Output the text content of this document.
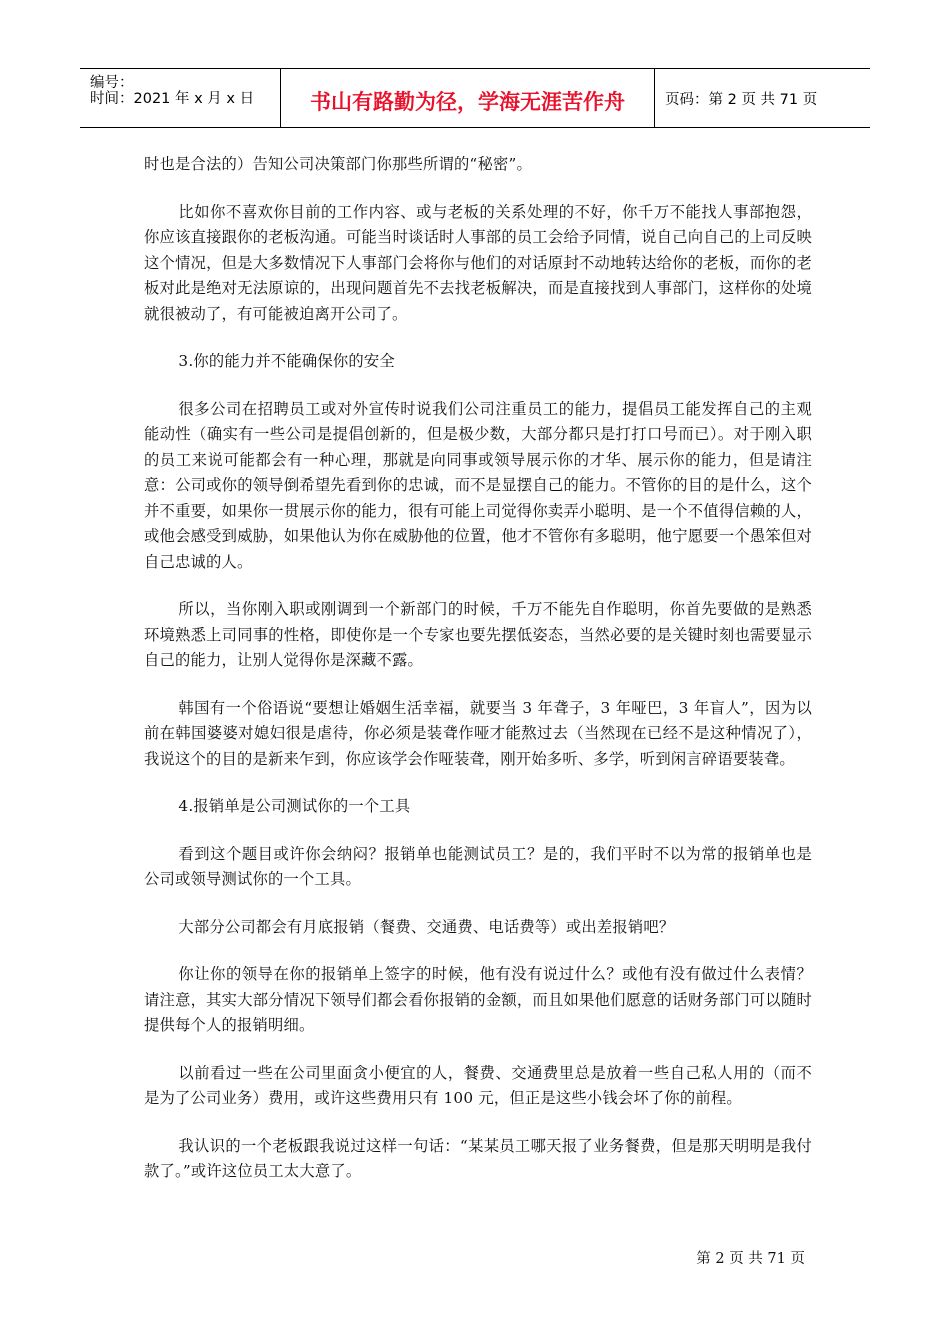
编号：
时间：2021 年 x 月 x 日	书山有路勤为径，学海无涯苦作舟	页码：第 2 页 共 71 页

时也是合法的）告知公司决策部门你那些所谓的“秘密”。

比如你不喜欢你目前的工作内容、或与老板的关系处理的不好，你千万不能找人事部抱怨，你应该直接跟你的老板沟通。可能当时谈话时人事部的员工会给予同情，说自己向自己的上司反映这个情况，但是大多数情况下人事部门会将你与他们的对话原封不动地转达给你的老板，而你的老板对此是绝对无法原谅的，出现问题首先不去找老板解决，而是直接找到人事部门，这样你的处境就很被动了，有可能被迫离开公司了。

3.你的能力并不能确保你的安全

很多公司在招聘员工或对外宣传时说我们公司注重员工的能力，提倡员工能发挥自己的主观能动性（确实有一些公司是提倡创新的，但是极少数，大部分都只是打打口号而已）。对于刚入职的员工来说可能都会有一种心理，那就是向同事或领导展示你的才华、展示你的能力，但是请注意：公司或你的领导倒希望先看到你的忠诚，而不是显摆自己的能力。不管你的目的是什么，这个并不重要，如果你一贯展示你的能力，很有可能上司觉得你卖弄小聪明、是一个不值得信赖的人，或他会感受到威胁，如果他认为你在威胁他的位置，他才不管你有多聪明，他宁愿要一个愚笨但对自己忠诚的人。

所以，当你刚入职或刚调到一个新部门的时候，千万不能先自作聪明，你首先要做的是熟悉环境熟悉上司同事的性格，即使你是一个专家也要先摆低姿态，当然必要的是关键时刻也需要显示自己的能力，让别人觉得你是深藏不露。

韩国有一个俗语说“要想让婚姻生活幸福，就要当 3 年聋子，3 年哑巴，3 年盲人”，因为以前在韩国婆婆对媳妇很是虐待，你必须是装聋作哑才能熬过去（当然现在已经不是这种情况了），我说这个的目的是新来乍到，你应该学会作哑装聋，刚开始多听、多学，听到闲言碎语要装聋。

4.报销单是公司测试你的一个工具

看到这个题目或许你会纳闷？报销单也能测试员工？是的，我们平时不以为常的报销单也是公司或领导测试你的一个工具。

大部分公司都会有月底报销（餐费、交通费、电话费等）或出差报销吧？

你让你的领导在你的报销单上签字的时候，他有没有说过什么？或他有没有做过什么表情？请注意，其实大部分情况下领导们都会看你报销的金额，而且如果他们愿意的话财务部门可以随时提供每个人的报销明细。

以前看过一些在公司里面贪小便宜的人，餐费、交通费里总是放着一些自己私人用的（而不是为了公司业务）费用，或许这些费用只有 100 元，但正是这些小钱会坏了你的前程。

我认识的一个老板跟我说过这样一句话：“某某员工哪天报了业务餐费，但是那天明明是我付款了。”或许这位员工太大意了。

第 2 页 共 71 页
